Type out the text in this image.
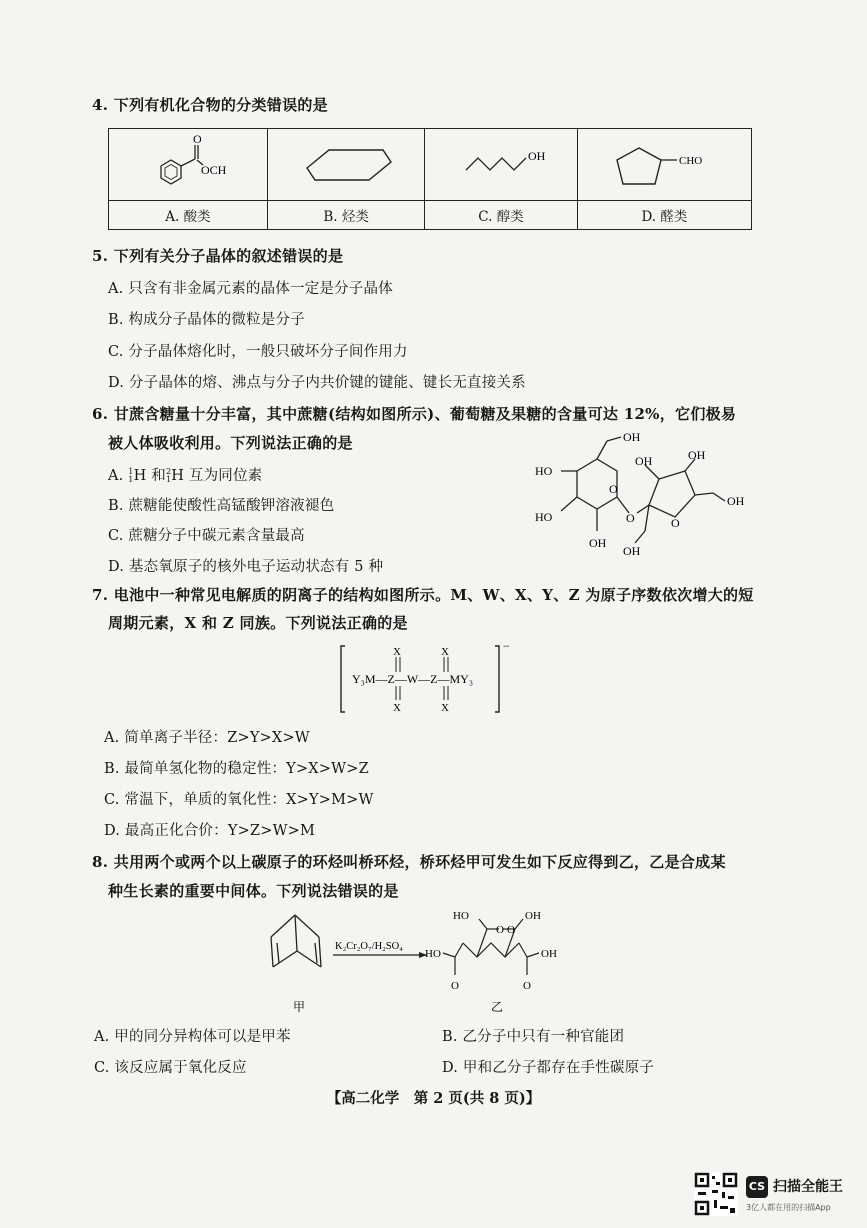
4. 下列有机化合物的分类错误的是
O
OCH		OH	CHO

A. 酸类	B. 烃类	C. 醇类	D. 醛类
5. 下列有关分子晶体的叙述错误的是
A. 只含有非金属元素的晶体一定是分子晶体
B. 构成分子晶体的微粒是分子
C. 分子晶体熔化时，一般只破坏分子间作用力
D. 分子晶体的熔、沸点与分子内共价键的键能、键长无直接关系
6. 甘蔗含糖量十分丰富，其中蔗糖(结构如图所示)、葡萄糖及果糖的含量可达 12%，它们极易
被人体吸收利用。下列说法正确的是
A. 1
1 H 和 2
1 H 互为同位素
B. 蔗糖能使酸性高锰酸钾溶液褪色
C. 蔗糖分子中碳元素含量最高
D. 基态氧原子的核外电子运动状态有 5 种
OH
HO
HO
OH
OH	OH
O
O	O
OH
OH
7. 电池中一种常见电解质的阴离子的结构如图所示。M、W、X、Y、Z 为原子序数依次增大的短
周期元素，X 和 Z 同族。下列说法正确的是
Y₃M—Z—W—Z—MY₃
X
X
X
X
−
A. 简单离子半径：Z>Y>X>W
B. 最简单氢化物的稳定性：Y>X>W>Z
C. 常温下，单质的氧化性：X>Y>M>W
D. 最高正化合价：Y>Z>W>M
8. 共用两个或两个以上碳原子的环烃叫桥环烃，桥环烃甲可发生如下反应得到乙，乙是合成某
种生长素的重要中间体。下列说法错误的是
甲
K₂Cr₂O₇/H₂SO₄
HO	OH
HO	OH
O O
O	O
乙
A. 甲的同分异构体可以是甲苯	B. 乙分子中只有一种官能团
C. 该反应属于氧化反应	D. 甲和乙分子都存在手性碳原子
【高二化学　第 2 页(共 8 页)】
CS 扫描全能王
3亿人都在用的扫描App
